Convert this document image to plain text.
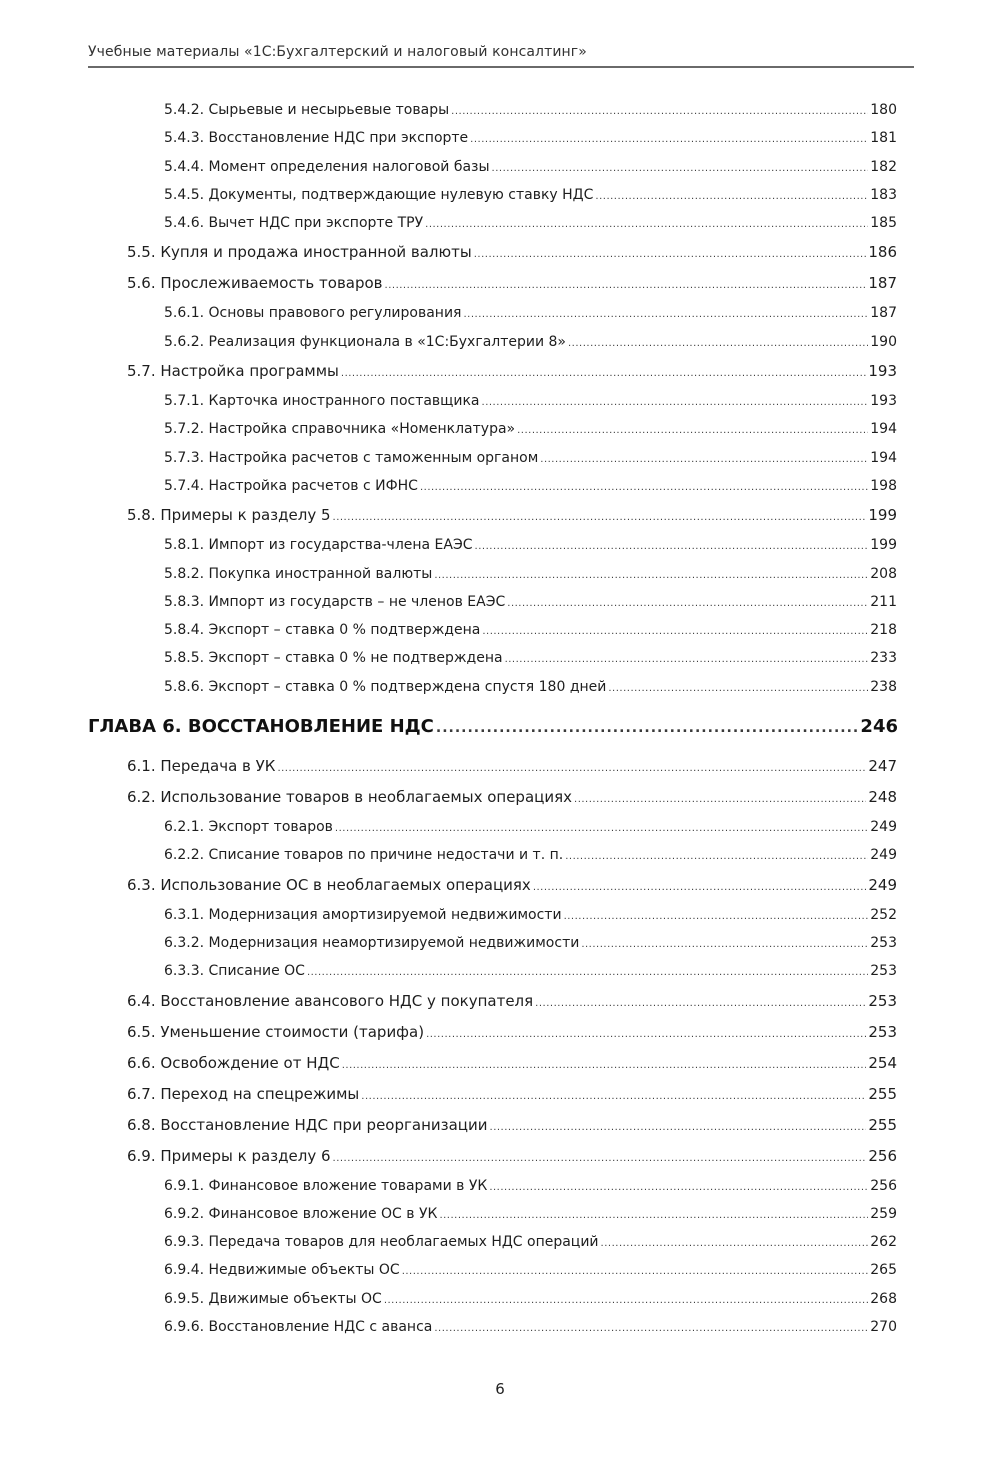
Учебные материалы «1С:Бухгалтерский и налоговый консалтинг»
5.4.2. Сырьевые и несырьевые товары .....	180
5.4.3. Восстановление НДС при экспорте .....	181
5.4.4. Момент определения налоговой базы .....	182
5.4.5. Документы, подтверждающие нулевую ставку НДС .....	183
5.4.6. Вычет НДС при экспорте ТРУ .....	185
5.5. Купля и продажа иностранной валюты .....	186
5.6. Прослеживаемость товаров .....	187
5.6.1. Основы правового регулирования .....	187
5.6.2. Реализация функционала в «1С:Бухгалтерии 8» .....	190
5.7. Настройка программы .....	193
5.7.1. Карточка иностранного поставщика .....	193
5.7.2. Настройка справочника «Номенклатура» .....	194
5.7.3. Настройка расчетов с таможенным органом .....	194
5.7.4. Настройка расчетов с ИФНС .....	198
5.8. Примеры к разделу 5 .....	199
5.8.1. Импорт из государства-члена ЕАЭС .....	199
5.8.2. Покупка иностранной валюты .....	208
5.8.3. Импорт из государств – не членов ЕАЭС .....	211
5.8.4. Экспорт – ставка 0 % подтверждена .....	218
5.8.5. Экспорт – ставка 0 % не подтверждена .....	233
5.8.6. Экспорт – ставка 0 % подтверждена спустя 180 дней .....	238
ГЛАВА 6. ВОССТАНОВЛЕНИЕ НДС .....	246
6.1. Передача в УК .....	247
6.2. Использование товаров в необлагаемых операциях .....	248
6.2.1. Экспорт товаров .....	249
6.2.2. Списание товаров по причине недостачи и т. п. .....	249
6.3. Использование ОС в необлагаемых операциях .....	249
6.3.1. Модернизация амортизируемой недвижимости .....	252
6.3.2. Модернизация неамортизируемой недвижимости .....	253
6.3.3. Списание ОС .....	253
6.4. Восстановление авансового НДС у покупателя .....	253
6.5. Уменьшение стоимости (тарифа) .....	253
6.6. Освобождение от НДС .....	254
6.7. Переход на спецрежимы .....	255
6.8. Восстановление НДС при реорганизации .....	255
6.9. Примеры к разделу 6 .....	256
6.9.1. Финансовое вложение товарами в УК .....	256
6.9.2. Финансовое вложение ОС в УК .....	259
6.9.3. Передача товаров для необлагаемых НДС операций .....	262
6.9.4. Недвижимые объекты ОС .....	265
6.9.5. Движимые объекты ОС .....	268
6.9.6. Восстановление НДС с аванса .....	270
6
